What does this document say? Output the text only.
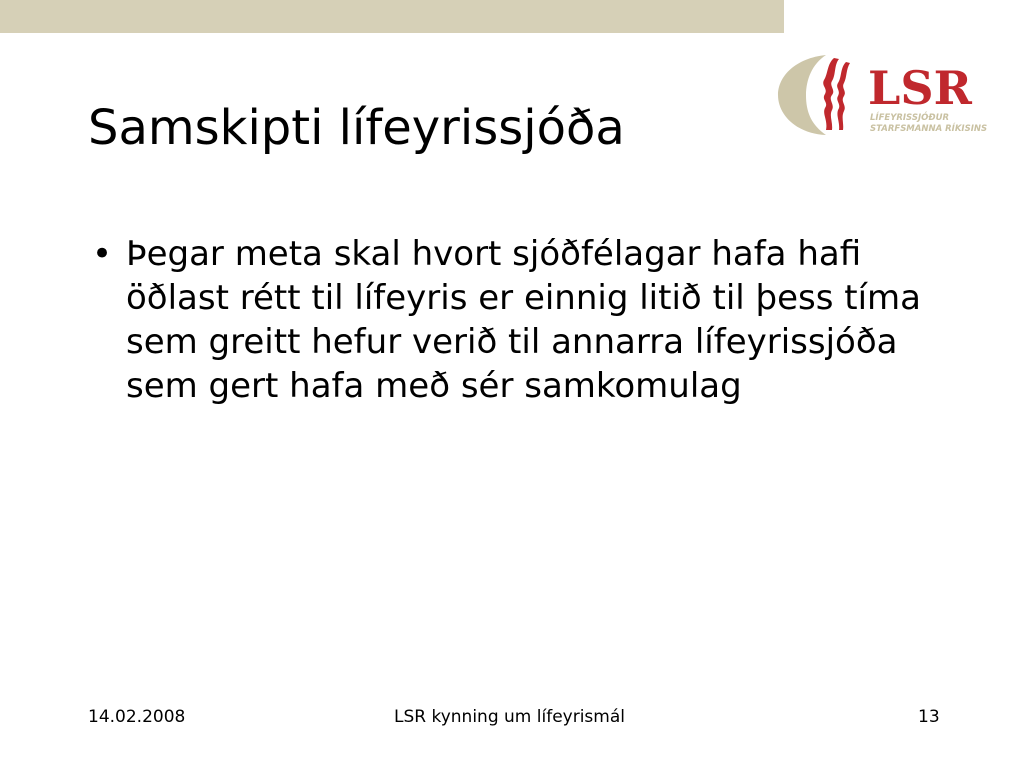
LSR
LÍFEYRISSJÓÐUR
STARFSMANNA RÍKISINS
Samskipti lífeyrissjóða
• Þegar meta skal hvort sjóðfélagar hafa hafi öðlast rétt til lífeyris er einnig litið til þess tíma sem greitt hefur verið til annarra lífeyrissjóða sem gert hafa með sér samkomulag
14.02.2008	LSR kynning um lífeyrismál	13
